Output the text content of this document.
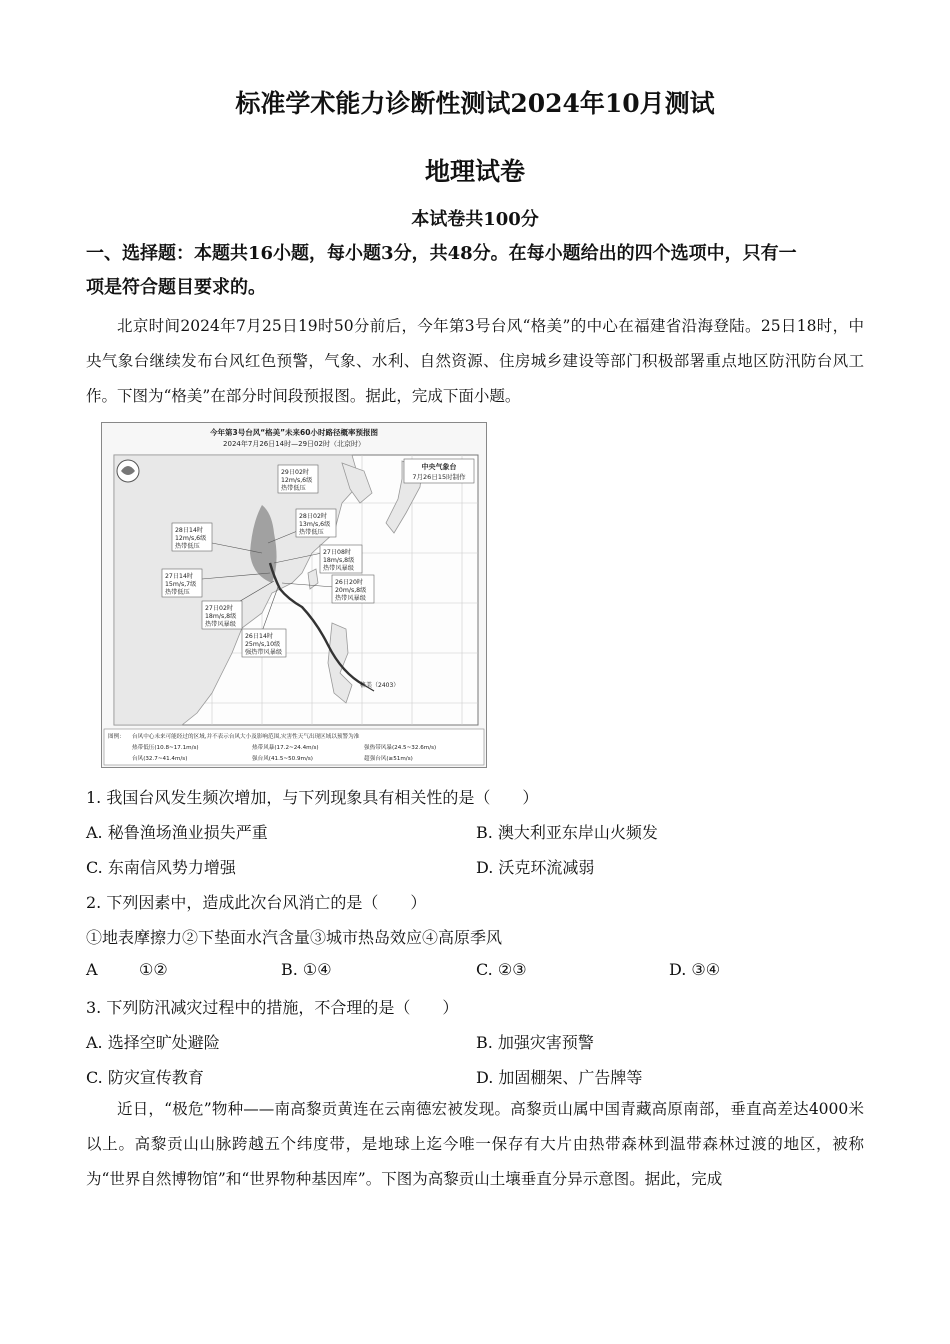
标准学术能力诊断性测试2024年10月测试
地理试卷
本试卷共100分
一、选择题：本题共16小题，每小题3分，共48分。在每小题给出的四个选项中，只有一
项是符合题目要求的。
北京时间2024年7月25日19时50分前后，今年第3号台风“格美”的中心在福建省沿海登陆。25日18时，中央气象台继续发布台风红色预警，气象、水利、自然资源、住房城乡建设等部门积极部署重点地区防汛防台风工作。下图为“格美”在部分时间段预报图。据此，完成下面小题。
29日02时
12m/s,6级
热带低压
28日02时
13m/s,6级
热带低压
28日14时
12m/s,6级
热带低压
27日08时
18m/s,8级
热带风暴级
27日14时
15m/s,7级
热带低压
26日20时
20m/s,8级
热带风暴级
27日02时
18m/s,8级
热带风暴级
26日14时
25m/s,10级
强热带风暴级
今年第3号台风“格美”未来60小时路径概率预报图
2024年7月26日14时—29日02时（北京时）
中央气象台
7月26日15时制作
格美（2403）
图例： 台风中心未来可能经过的区域,并不表示台风大小及影响范围,灾害性天气出现区域以预警为准
热带低压(10.8~17.1m/s)	热带风暴(17.2~24.4m/s)	强热带风暴(24.5~32.6m/s)
台风(32.7~41.4m/s)	强台风(41.5~50.9m/s)	超强台风(≥51m/s)
1. 我国台风发生频次增加，与下列现象具有相关性的是（　　）
A. 秘鲁渔场渔业损失严重	B. 澳大利亚东岸山火频发
C. 东南信风势力增强	D. 沃克环流减弱
2. 下列因素中，造成此次台风消亡的是（　　）
①地表摩擦力②下垫面水汽含量③城市热岛效应④高原季风
A	①②	B. ①④	C. ②③	D. ③④
3. 下列防汛减灾过程中的措施，不合理的是（　　）
A. 选择空旷处避险	B. 加强灾害预警
C. 防灾宣传教育	D. 加固棚架、广告牌等
近日，“极危”物种——南高黎贡黄连在云南德宏被发现。高黎贡山属中国青藏高原南部，垂直高差达4000米以上。高黎贡山山脉跨越五个纬度带，是地球上迄今唯一保存有大片由热带森林到温带森林过渡的地区，被称为“世界自然博物馆”和“世界物种基因库”。下图为高黎贡山土壤垂直分异示意图。据此，完成
